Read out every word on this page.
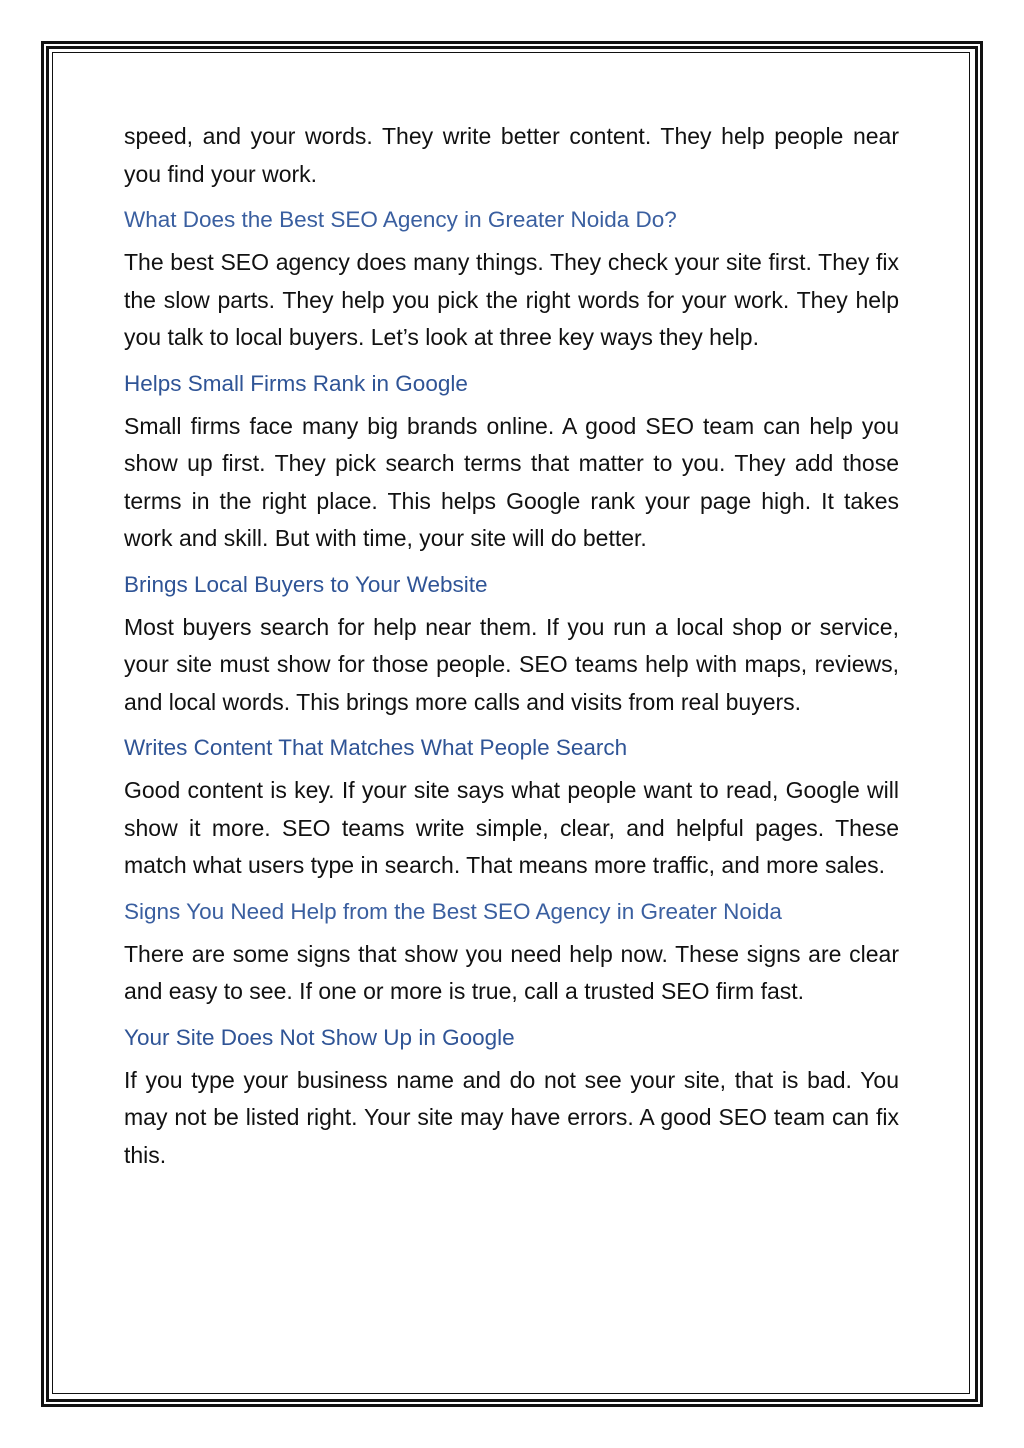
speed, and your words. They write better content. They help people near you find your work.

What Does the Best SEO Agency in Greater Noida Do?

The best SEO agency does many things. They check your site first. They fix the slow parts. They help you pick the right words for your work. They help you talk to local buyers. Let’s look at three key ways they help.

Helps Small Firms Rank in Google

Small firms face many big brands online. A good SEO team can help you show up first. They pick search terms that matter to you. They add those terms in the right place. This helps Google rank your page high. It takes work and skill. But with time, your site will do better.

Brings Local Buyers to Your Website

Most buyers search for help near them. If you run a local shop or service, your site must show for those people. SEO teams help with maps, reviews, and local words. This brings more calls and visits from real buyers.

Writes Content That Matches What People Search

Good content is key. If your site says what people want to read, Google will show it more. SEO teams write simple, clear, and helpful pages. These match what users type in search. That means more traffic, and more sales.

Signs You Need Help from the Best SEO Agency in Greater Noida

There are some signs that show you need help now. These signs are clear and easy to see. If one or more is true, call a trusted SEO firm fast.

Your Site Does Not Show Up in Google

If you type your business name and do not see your site, that is bad. You may not be listed right. Your site may have errors. A good SEO team can fix this.
